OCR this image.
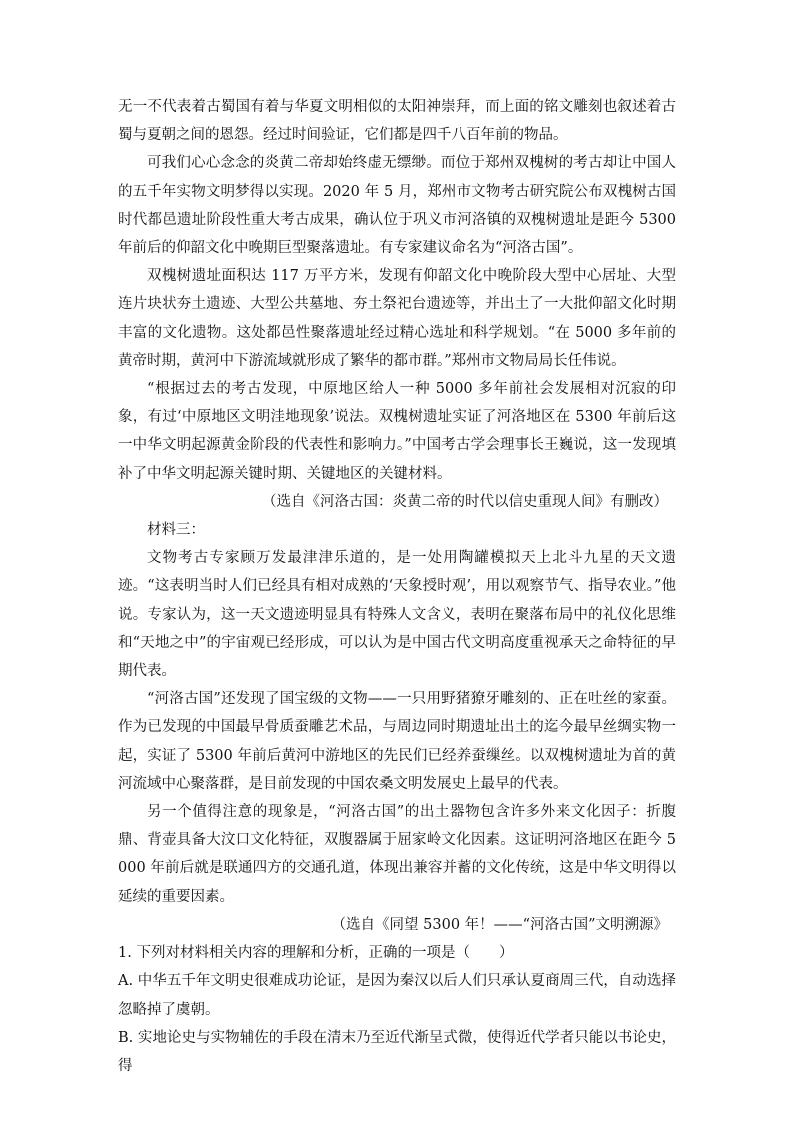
无一不代表着古蜀国有着与华夏文明相似的太阳神崇拜，而上面的铭文雕刻也叙述着古蜀与夏朝之间的恩怨。经过时间验证，它们都是四千八百年前的物品。

可我们心心念念的炎黄二帝却始终虚无缥缈。而位于郑州双槐树的考古却让中国人的五千年实物文明梦得以实现。2020 年 5 月，郑州市文物考古研究院公布双槐树古国时代都邑遗址阶段性重大考古成果，确认位于巩义市河洛镇的双槐树遗址是距今 5300 年前后的仰韶文化中晚期巨型聚落遗址。有专家建议命名为“河洛古国”。

双槐树遗址面积达 117 万平方米，发现有仰韶文化中晚阶段大型中心居址、大型连片块状夯土遗迹、大型公共墓地、夯土祭祀台遗迹等，并出土了一大批仰韶文化时期丰富的文化遗物。这处都邑性聚落遗址经过精心选址和科学规划。“在 5000 多年前的黄帝时期，黄河中下游流域就形成了繁华的都市群。”郑州市文物局局长任伟说。

“根据过去的考古发现，中原地区给人一种 5000 多年前社会发展相对沉寂的印象，有过‘中原地区文明洼地现象’说法。双槐树遗址实证了河洛地区在 5300 年前后这一中华文明起源黄金阶段的代表性和影响力。”中国考古学会理事长王巍说，这一发现填补了中华文明起源关键时期、关键地区的关键材料。

（选自《河洛古国：炎黄二帝的时代以信史重现人间》有删改）

材料三：

文物考古专家顾万发最津津乐道的，是一处用陶罐模拟天上北斗九星的天文遗迹。“这表明当时人们已经具有相对成熟的‘天象授时观’，用以观察节气、指导农业。”他说。专家认为，这一天文遗迹明显具有特殊人文含义，表明在聚落布局中的礼仪化思维和“天地之中”的宇宙观已经形成，可以认为是中国古代文明高度重视承天之命特征的早期代表。

“河洛古国”还发现了国宝级的文物——一只用野猪獠牙雕刻的、正在吐丝的家蚕。作为已发现的中国最早骨质蚕雕艺术品，与周边同时期遗址出土的迄今最早丝绸实物一起，实证了 5300 年前后黄河中游地区的先民们已经养蚕缫丝。以双槐树遗址为首的黄河流域中心聚落群，是目前发现的中国农桑文明发展史上最早的代表。

另一个值得注意的现象是，“河洛古国”的出土器物包含许多外来文化因子：折腹鼎、背壶具备大汶口文化特征，双腹器属于屈家岭文化因素。这证明河洛地区在距今 5000 年前后就是联通四方的交通孔道，体现出兼容并蓄的文化传统，这是中华文明得以延续的重要因素。

（选自《同望 5300 年！——“河洛古国”文明溯源》

1. 下列对材料相关内容的理解和分析，正确的一项是（　　）

A. 中华五千年文明史很难成功论证，是因为秦汉以后人们只承认夏商周三代，自动选择忽略掉了虞朝。

B. 实地论史与实物辅佐的手段在清末乃至近代渐呈式微，使得近代学者只能以书论史，得
